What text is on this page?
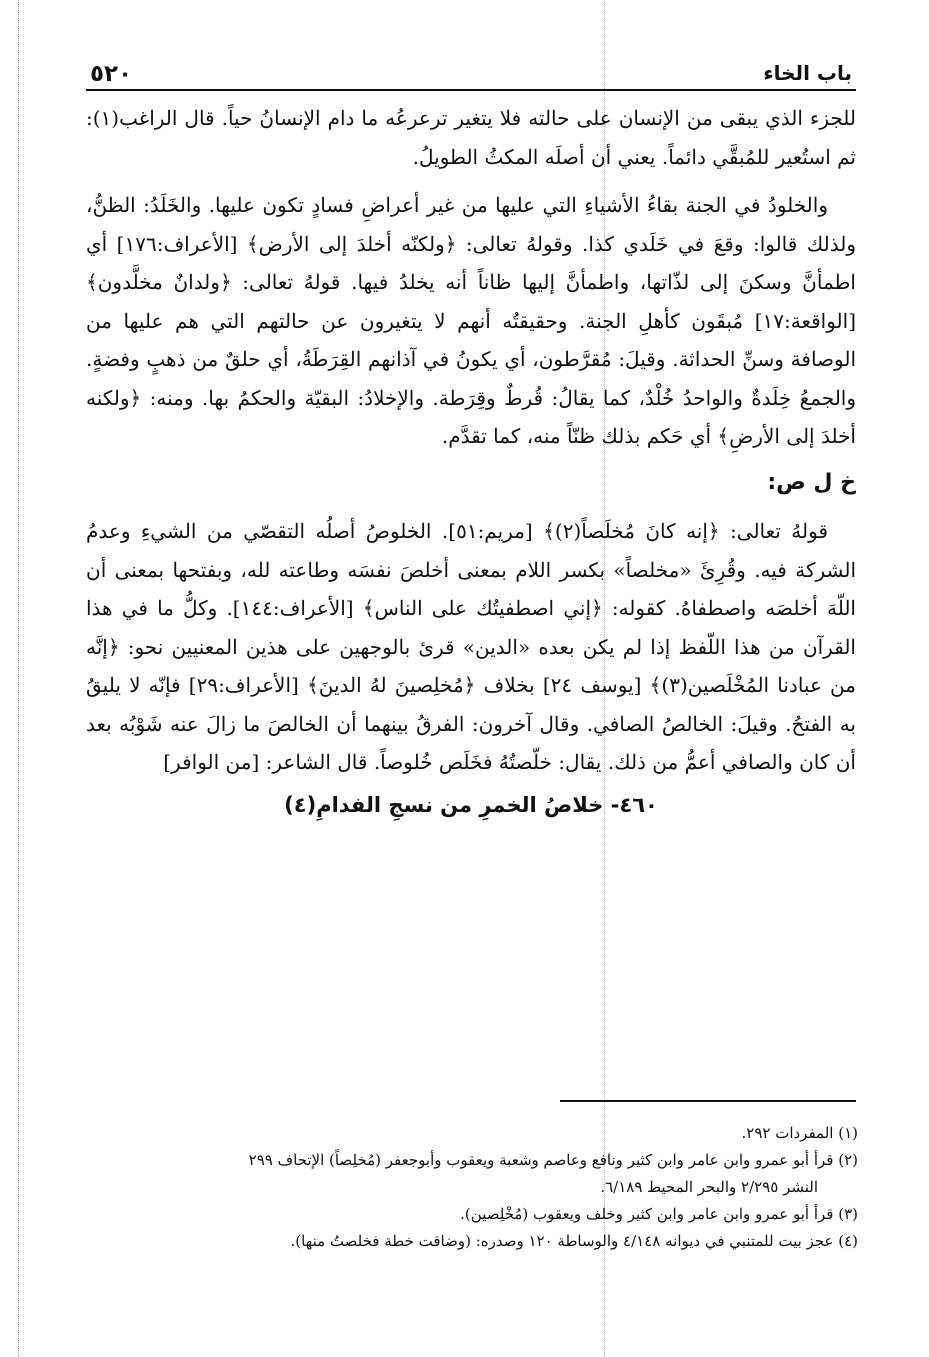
باب الخاء
٥٢٠

للجزء الذي يبقى من الإنسان على حالته فلا يتغير ترعرعُه ما دام الإنسانُ حياً. قال الراغب(١): ثم استُعير للمُبقَّي دائماً. يعني أن أصلَه المكثُ الطويلُ.

والخلودُ في الجنة بقاءُ الأشياءِ التي عليها من غير أعراضِ فسادٍ تكون عليها. والخَلَدُ: الظنُّ، ولذلك قالوا: وقعَ في خَلَدي كذا. وقولهُ تعالى: ﴿ولكنّه أخلدَ إلى الأرض﴾ [الأعراف:١٧٦] أي اطمأنَّ وسكنَ إلى لذّاتها، واطمأنَّ إليها ظاناً أنه يخلدُ فيها. قولهُ تعالى: ﴿ولدانٌ مخلَّدون﴾ [الواقعة:١٧] مُبقَون كأهلِ الجنة. وحقيقتُه أنهم لا يتغيرون عن حالتهم التي هم عليها من الوصافة وسنِّ الحداثة. وقيلَ: مُقرَّطون، أي يكونُ في آذانهم القِرَطَةُ، أي حلقٌ من ذهبٍ وفضةٍ. والجمعُ خِلَدةٌ والواحدُ خُلْدٌ، كما يقالُ: قُرطٌ وقِرَطة. والإخلادُ: البقيّة والحكمُ بها. ومنه: ﴿ولكنه أخلدَ إلى الأرضِ﴾ أي حَكم بذلك ظنّاً منه، كما تقدَّم.

خ ل ص:

قولهُ تعالى: ﴿إنه كانَ مُخلَصاً(٢)﴾ [مريم:٥١]. الخلوصُ أصلُه التقصّي من الشيءِ وعدمُ الشركة فيه. وقُرِئَ «مخلصاً» بكسر اللام بمعنى أخلصَ نفسَه وطاعته لله، وبفتحها بمعنى أن اللّهَ أخلصَه واصطفاهُ. كقوله: ﴿إني اصطفيتُك على الناس﴾ [الأعراف:١٤٤]. وكلُّ ما في هذا القرآن من هذا اللّفظ إذا لم يكن بعده «الدين» قرئ بالوجهين على هذين المعنيين نحو: ﴿إنَّه من عبادنا المُخْلَصين(٣)﴾ [يوسف ٢٤] بخلاف ﴿مُخلِصينَ لهُ الدينَ﴾ [الأعراف:٢٩] فإنّه لا يليقُ به الفتحُ. وقيلَ: الخالصُ الصافي. وقال آخرون: الفرقُ بينهما أن الخالصَ ما زالَ عنه شَوْبُه بعد أن كان والصافي أعمُّ من ذلك. يقال: خلّصتُهُ فخَلَص خُلوصاً. قال الشاعر: [من الوافر]

٤٦٠- خلاصُ الخمرِ من نسجِ الفدامِ(٤)

(١) المفردات ٢٩٢.

(٢) قرأ أبو عمرو وابن عامر وابن كثير ونافع وعاصم وشعبة ويعقوب وأبوجعفر (مُخلِصاً) الإتحاف ٢٩٩

النشر ٢/٢٩٥ والبحر المحيط ٦/١٨٩.

(٣) قرأ أبو عمرو وابن عامر وابن كثير وخلف ويعقوب (مُخْلِصين).

(٤) عجز بيت للمتنبي في ديوانه ٤/١٤٨ والوساطة ١٢٠ وصدره: (وضاقت خطة فخلصتُ منها).
